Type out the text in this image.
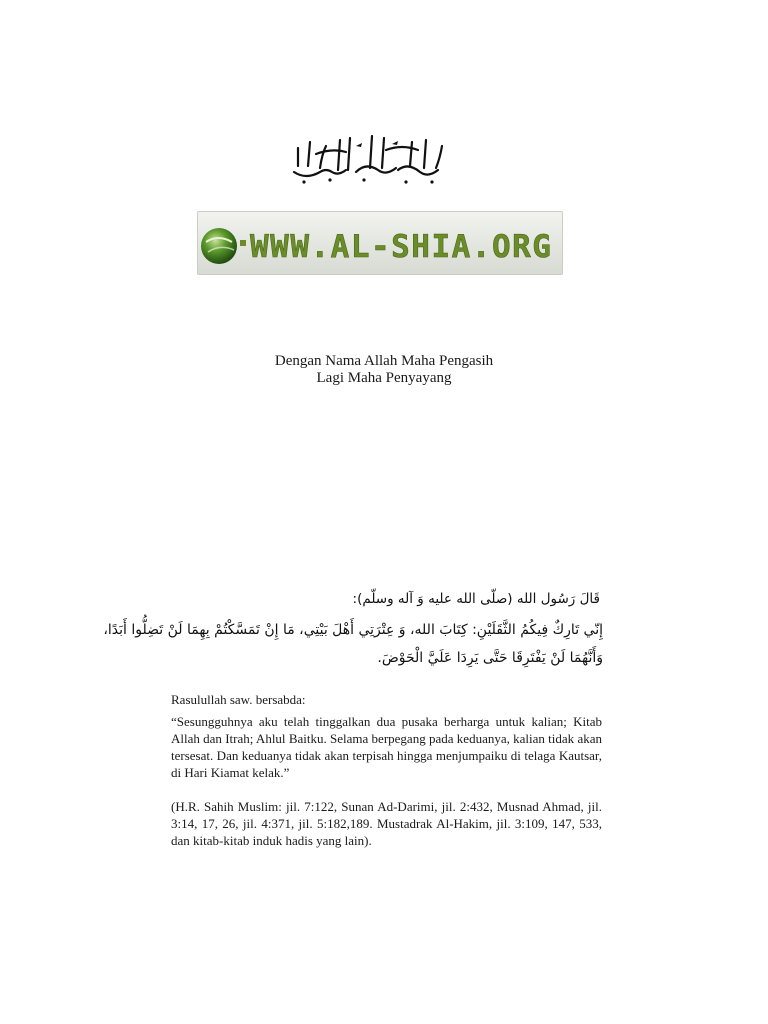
WWW.AL-SHIA.ORG
Dengan Nama Allah Maha Pengasih
Lagi Maha Penyayang
قَالَ رَسُول الله (صلّى الله عليه وَ آله وسلّم):
إِنّي تَارِكٌ فِيكُمُ الثَّقَلَيْنِ: كِتَابَ الله، وَ عِتْرَتِي أَهْلَ بَيْتِي، مَا إِنْ تَمَسَّكْتُمْ بِهِمَا لَنْ تَضِلُّوا أَبَدًا،
وَأَنَّهُمَا لَنْ يَفْتَرِقَا حَتَّى يَرِدَا عَلَيَّ الْحَوْضَ.
Rasulullah saw. bersabda:
“Sesungguhnya aku telah tinggalkan dua pusaka berharga untuk kalian; Kitab Allah dan Itrah; Ahlul Baitku. Selama berpegang pada keduanya, kalian tidak akan tersesat. Dan keduanya tidak akan terpisah hingga menjumpaiku di telaga Kautsar, di Hari Kiamat kelak.”
(H.R. Sahih Muslim: jil. 7:122, Sunan Ad-Darimi, jil. 2:432, Musnad Ahmad, jil. 3:14, 17, 26, jil. 4:371, jil. 5:182,189. Mustadrak Al-Hakim, jil. 3:109, 147, 533, dan kitab-kitab induk hadis yang lain).
